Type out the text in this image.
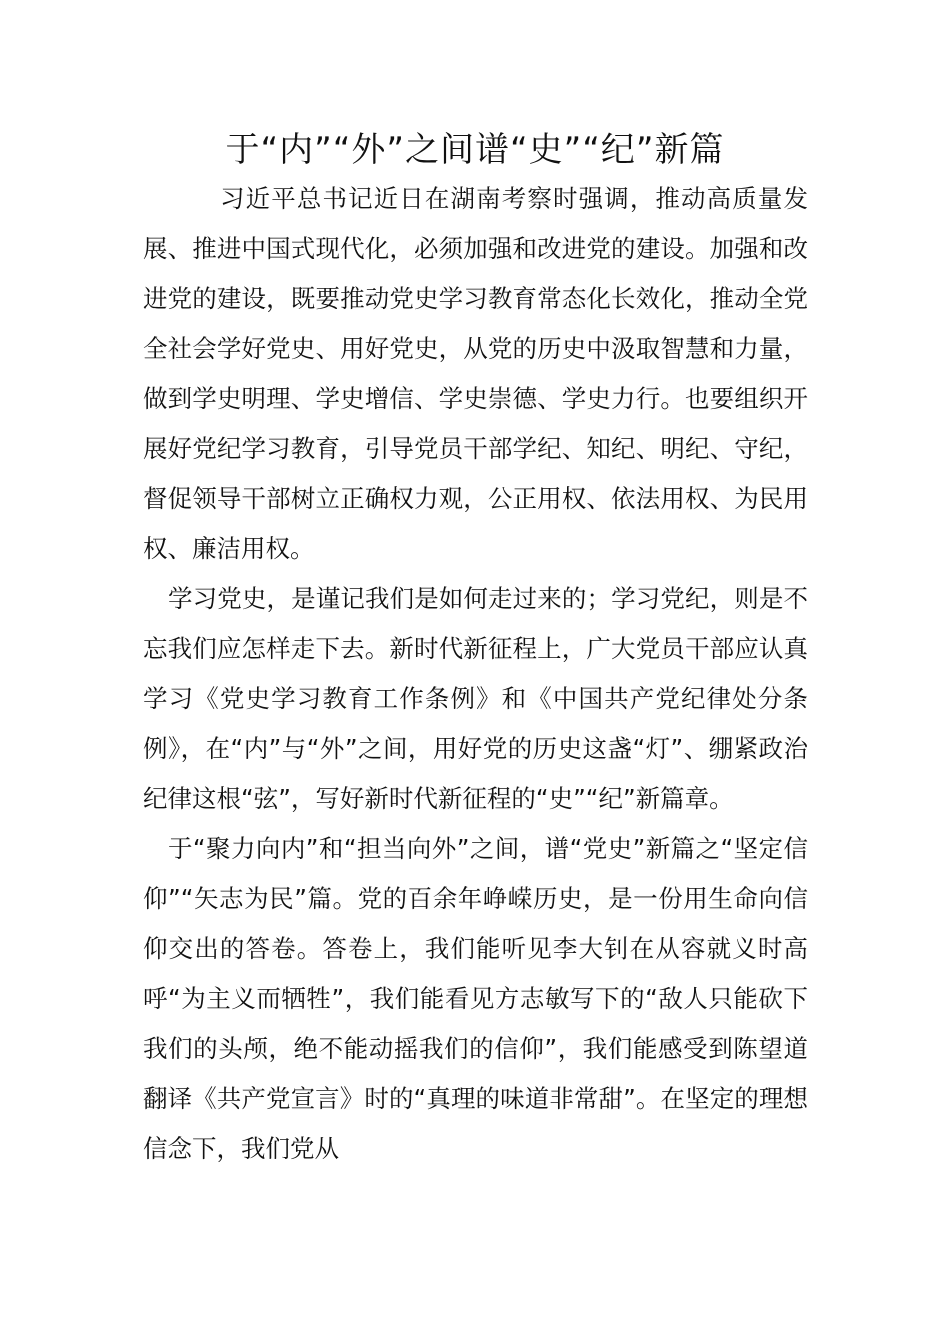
于“内”“外”之间谱“史”“纪”新篇

习近平总书记近日在湖南考察时强调，推动高质量发展、推进中国式现代化，必须加强和改进党的建设。加强和改进党的建设，既要推动党史学习教育常态化长效化，推动全党全社会学好党史、用好党史，从党的历史中汲取智慧和力量，做到学史明理、学史增信、学史崇德、学史力行。也要组织开展好党纪学习教育，引导党员干部学纪、知纪、明纪、守纪，督促领导干部树立正确权力观，公正用权、依法用权、为民用权、廉洁用权。

学习党史，是谨记我们是如何走过来的；学习党纪，则是不忘我们应怎样走下去。新时代新征程上，广大党员干部应认真学习《党史学习教育工作条例》和《中国共产党纪律处分条例》，在“内”与“外”之间，用好党的历史这盏“灯”、绷紧政治纪律这根“弦”，写好新时代新征程的“史”“纪”新篇章。

于“聚力向内”和“担当向外”之间，谱“党史”新篇之“坚定信仰”“矢志为民”篇。党的百余年峥嵘历史，是一份用生命向信仰交出的答卷。答卷上，我们能听见李大钊在从容就义时高呼“为主义而牺牲”，我们能看见方志敏写下的“敌人只能砍下我们的头颅，绝不能动摇我们的信仰”，我们能感受到陈望道翻译《共产党宣言》时的“真理的味道非常甜”。在坚定的理想信念下，我们党从
